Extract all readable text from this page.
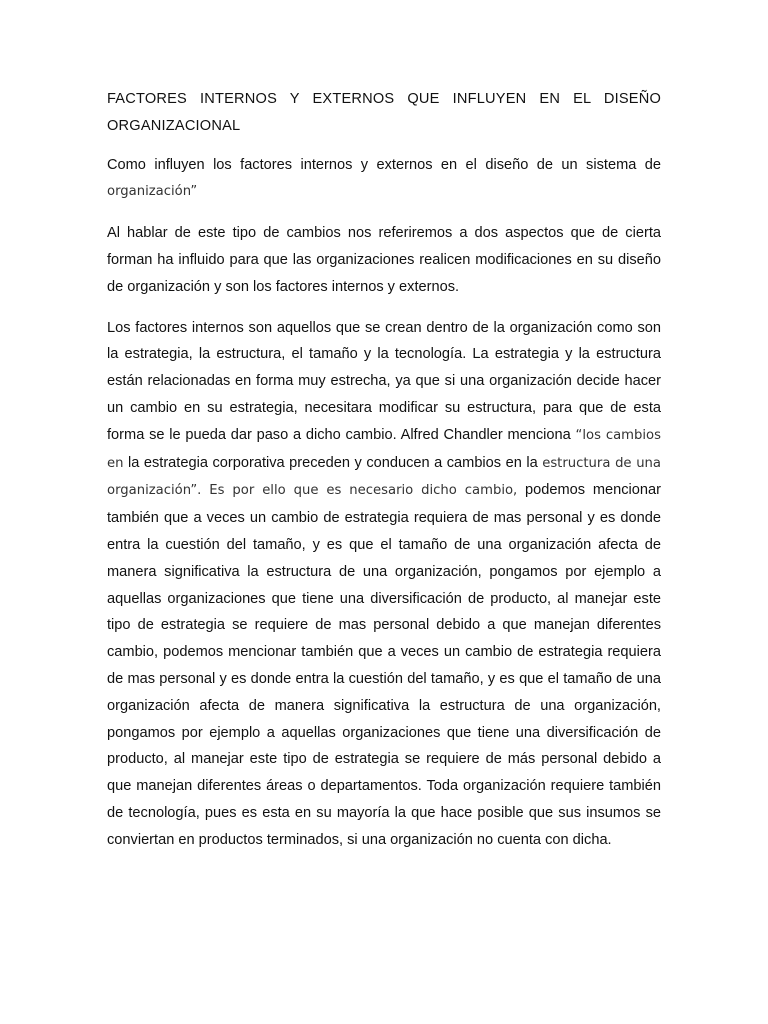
FACTORES INTERNOS Y EXTERNOS QUE INFLUYEN EN EL DISEÑO ORGANIZACIONAL

Como influyen los factores internos y externos en el diseño de un sistema de organización”

Al hablar de este tipo de cambios nos referiremos a dos aspectos que de cierta forman ha influido para que las organizaciones realicen modificaciones en su diseño de organización y son los factores internos y externos.

Los factores internos son aquellos que se crean dentro de la organización como son la estrategia, la estructura, el tamaño y la tecnología. La estrategia y la estructura están relacionadas en forma muy estrecha, ya que si una organización decide hacer un cambio en su estrategia, necesitara modificar su estructura, para que de esta forma se le pueda dar paso a dicho cambio. Alfred Chandler menciona “los cambios en la estrategia corporativa preceden y conducen a cambios en la estructura de una organización”. Es por ello que es necesario dicho cambio, podemos mencionar también que a veces un cambio de estrategia requiera de mas personal y es donde entra la cuestión del tamaño, y es que el tamaño de una organización afecta de manera significativa la estructura de una organización, pongamos por ejemplo a aquellas organizaciones que tiene una diversificación de producto, al manejar este tipo de estrategia se requiere de mas personal debido a que manejan diferentes cambio, podemos mencionar también que a veces un cambio de estrategia requiera de mas personal y es donde entra la cuestión del tamaño, y es que el tamaño de una organización afecta de manera significativa la estructura de una organización, pongamos por ejemplo a aquellas organizaciones que tiene una diversificación de producto, al manejar este tipo de estrategia se requiere de más personal debido a que manejan diferentes áreas o departamentos. Toda organización requiere también de tecnología, pues es esta en su mayoría la que hace posible que sus insumos se conviertan en productos terminados, si una organización no cuenta con dicha.
